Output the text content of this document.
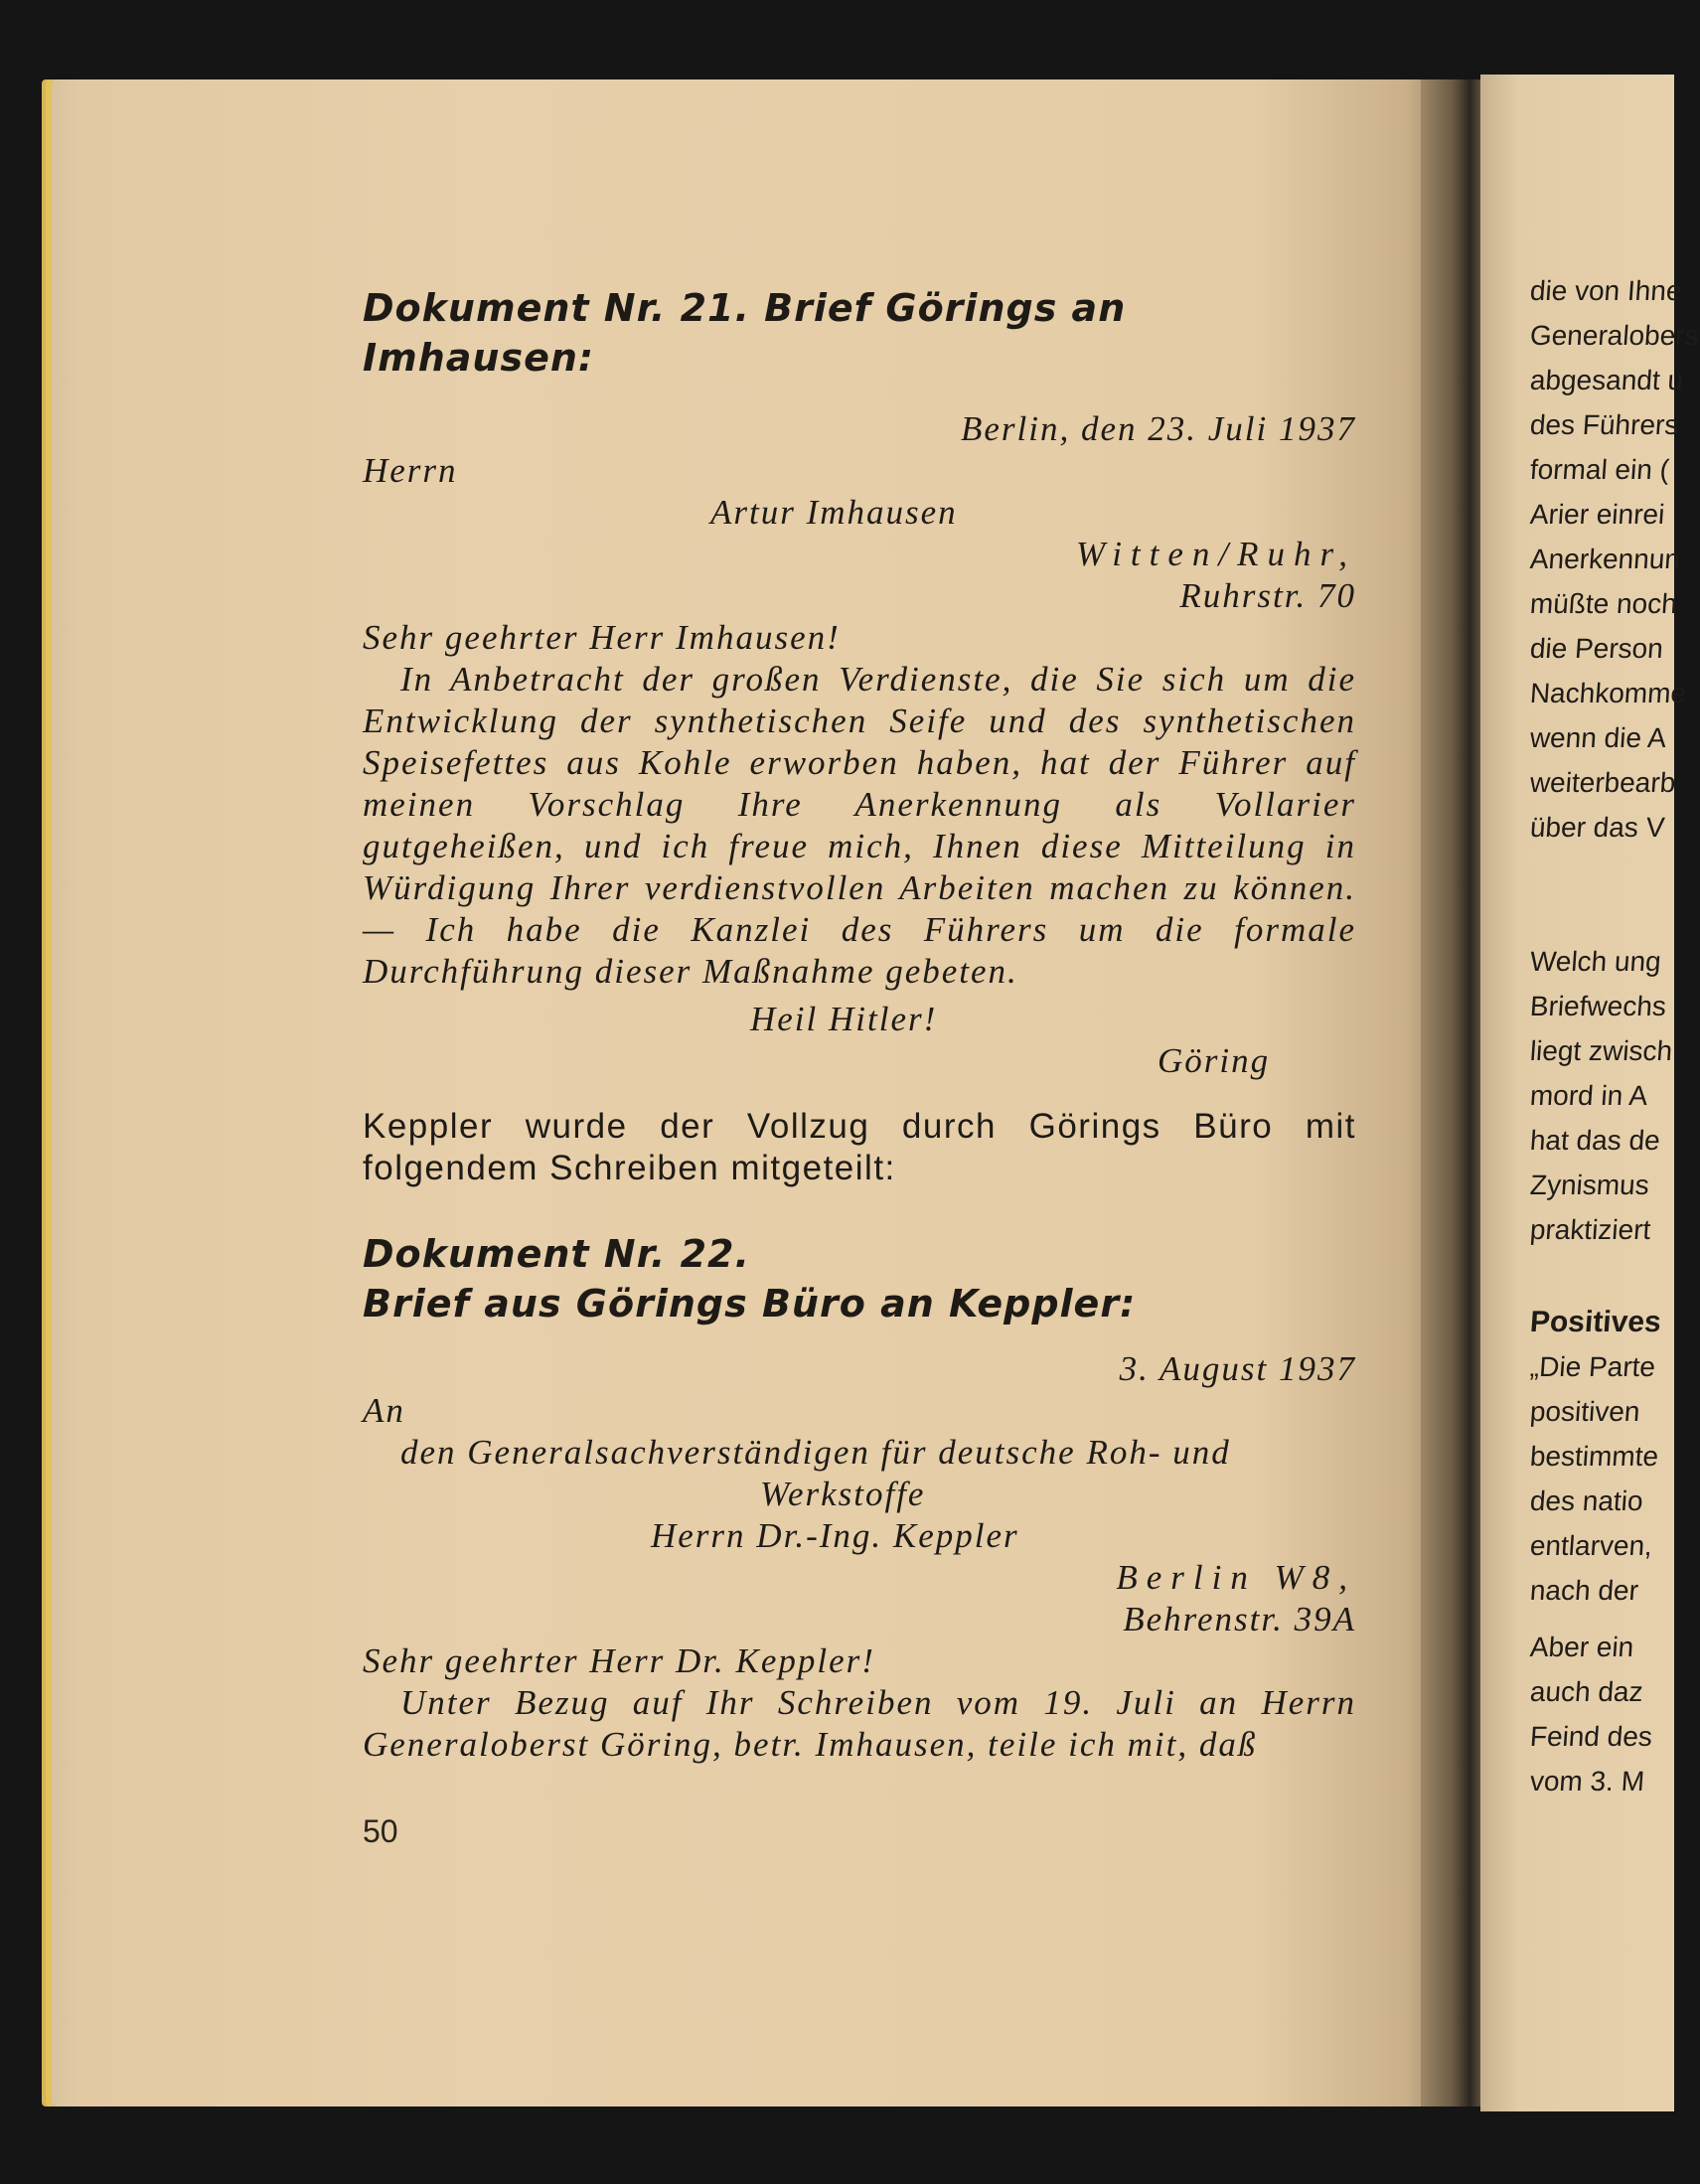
Dokument Nr. 21. Brief Görings an Imhausen:

Berlin, den 23. Juli 1937

Herrn

Artur Imhausen

Witten/Ruhr,

Ruhrstr. 70

Sehr geehrter Herr Imhausen!

In Anbetracht der großen Verdienste, die Sie sich um die Entwicklung der synthetischen Seife und des synthetischen Speisefettes aus Kohle erworben haben, hat der Führer auf meinen Vorschlag Ihre Anerkennung als Vollarier gutgeheißen, und ich freue mich, Ihnen diese Mitteilung in Würdigung Ihrer verdienstvollen Arbeiten machen zu können. — Ich habe die Kanzlei des Führers um die formale Durchführung dieser Maßnahme gebeten.

Heil Hitler!

Göring

Keppler wurde der Vollzug durch Görings Büro mit folgendem Schreiben mitgeteilt:

Dokument Nr. 22.
Brief aus Görings Büro an Keppler:

3. August 1937

An

den Generalsachverständigen für deutsche Roh- und

Werkstoffe

Herrn Dr.-Ing. Keppler

Berlin W8,

Behrenstr. 39A

Sehr geehrter Herr Dr. Keppler!

Unter Bezug auf Ihr Schreiben vom 19. Juli an Herrn Generaloberst Göring, betr. Imhausen, teile ich mit, daß

50
die von Ihne
Generalobers
abgesandt u
des Führers
formal ein (
Arier einrei
Anerkennun
müßte noch
die Person
Nachkomme
wenn die A
weiterbearb
über das V
Welch ung
Briefwechs
liegt zwisch
mord in A
hat das de
Zynismus
praktiziert
Positives
„Die Parte
positiven
bestimmte
des natio
entlarven,
nach der
Aber ein
auch daz
Feind des
vom 3. M
